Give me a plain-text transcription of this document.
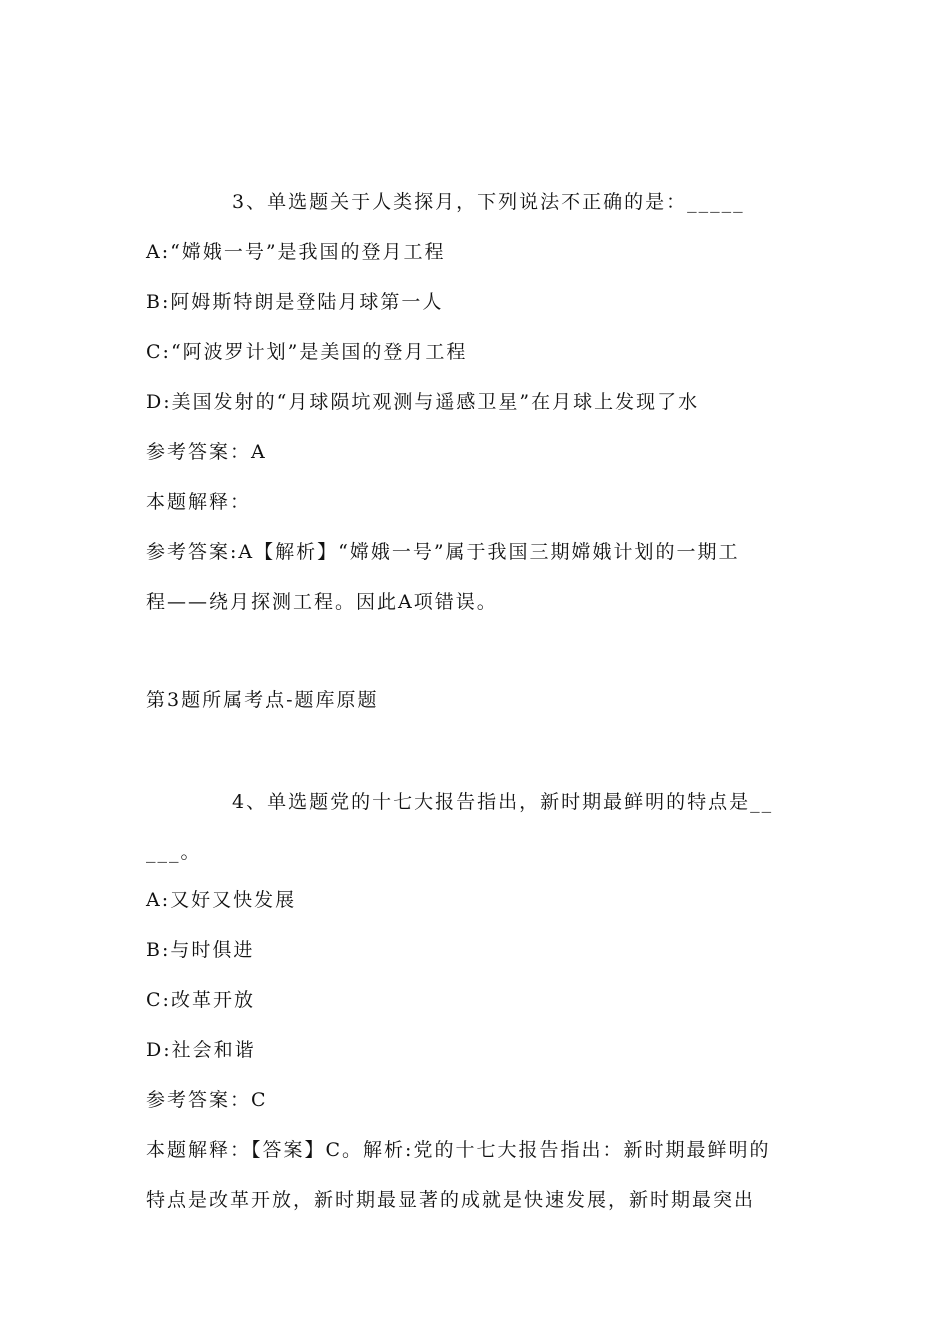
3、单选题关于人类探月，下列说法不正确的是：_____
A:“嫦娥一号”是我国的登月工程
B:阿姆斯特朗是登陆月球第一人
C:“阿波罗计划”是美国的登月工程
D:美国发射的“月球陨坑观测与遥感卫星”在月球上发现了水
参考答案：A
本题解释：
参考答案:A【解析】“嫦娥一号”属于我国三期嫦娥计划的一期工
程——绕月探测工程。因此A项错误。
第3题所属考点-题库原题
4、单选题党的十七大报告指出，新时期最鲜明的特点是__
___。
A:又好又快发展
B:与时俱进
C:改革开放
D:社会和谐
参考答案：C
本题解释：【答案】C。解析:党的十七大报告指出：新时期最鲜明的
特点是改革开放，新时期最显著的成就是快速发展，新时期最突出
